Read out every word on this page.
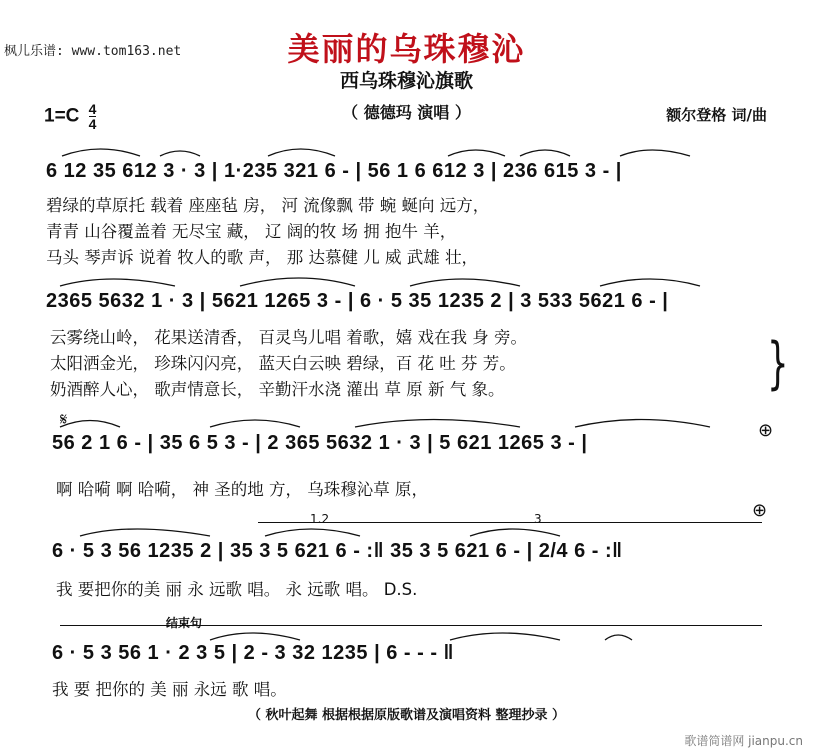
枫儿乐谱: www.tom163.net	美丽的乌珠穆沁
西乌珠穆沁旗歌
（ 德德玛 演唱 ）
$1=C \frac{4}{4}$	额尔登格 词/曲
1.2	3
结束句
𝄋	⊕
⊕
6 12 35 612 3 · 3 | 1·235 321 6 - | 56 1 6 612 3 | 236 615 3 - |
碧绿的草原托 载着 座座毡 房， 河 流像飘 带 蜿 蜒向 远方，
青青 山谷覆盖着 无尽宝 藏， 辽 阔的牧 场 拥 抱牛 羊，
马头 琴声诉 说着 牧人的歌 声， 那 达慕健 儿 威 武雄 壮，
2365 5632 1 · 3 | 5621 1265 3 - | 6 · 5 35 1235 2 | 3 533 5621 6 - |
云雾绕山岭， 花果送清香， 百灵鸟儿唱 着歌，嬉 戏在我 身 旁。
太阳洒金光， 珍珠闪闪亮， 蓝天白云映 碧绿，百 花 吐 芬 芳。
奶酒醉人心， 歌声情意长， 辛勤汗水浇 灌出 草 原 新 气 象。	}
56 2 1 6 - | 35 6 5 3 - | 2 365 5632 1 · 3 | 5 621 1265 3 - |
啊 哈嗬 啊 哈嗬， 神 圣的地 方， 乌珠穆沁草 原，
6 · 5 3 56 1235 2 | 35 3 5 621 6 - :‖ 35 3 5 621 6 - | 2/4 6 - :‖
我 要把你的美 丽 永 远歌 唱。 永 远歌 唱。 D.S.
6 · 5 3 56 1 · 2 3 5 | 2 - 3 32 1235 | 6 - - - ‖
我 要 把你的 美 丽 永远 歌 唱。
（ 秋叶起舞 根据根据原版歌谱及演唱资料 整理抄录 ）
歌谱简谱网 jianpu.cn
